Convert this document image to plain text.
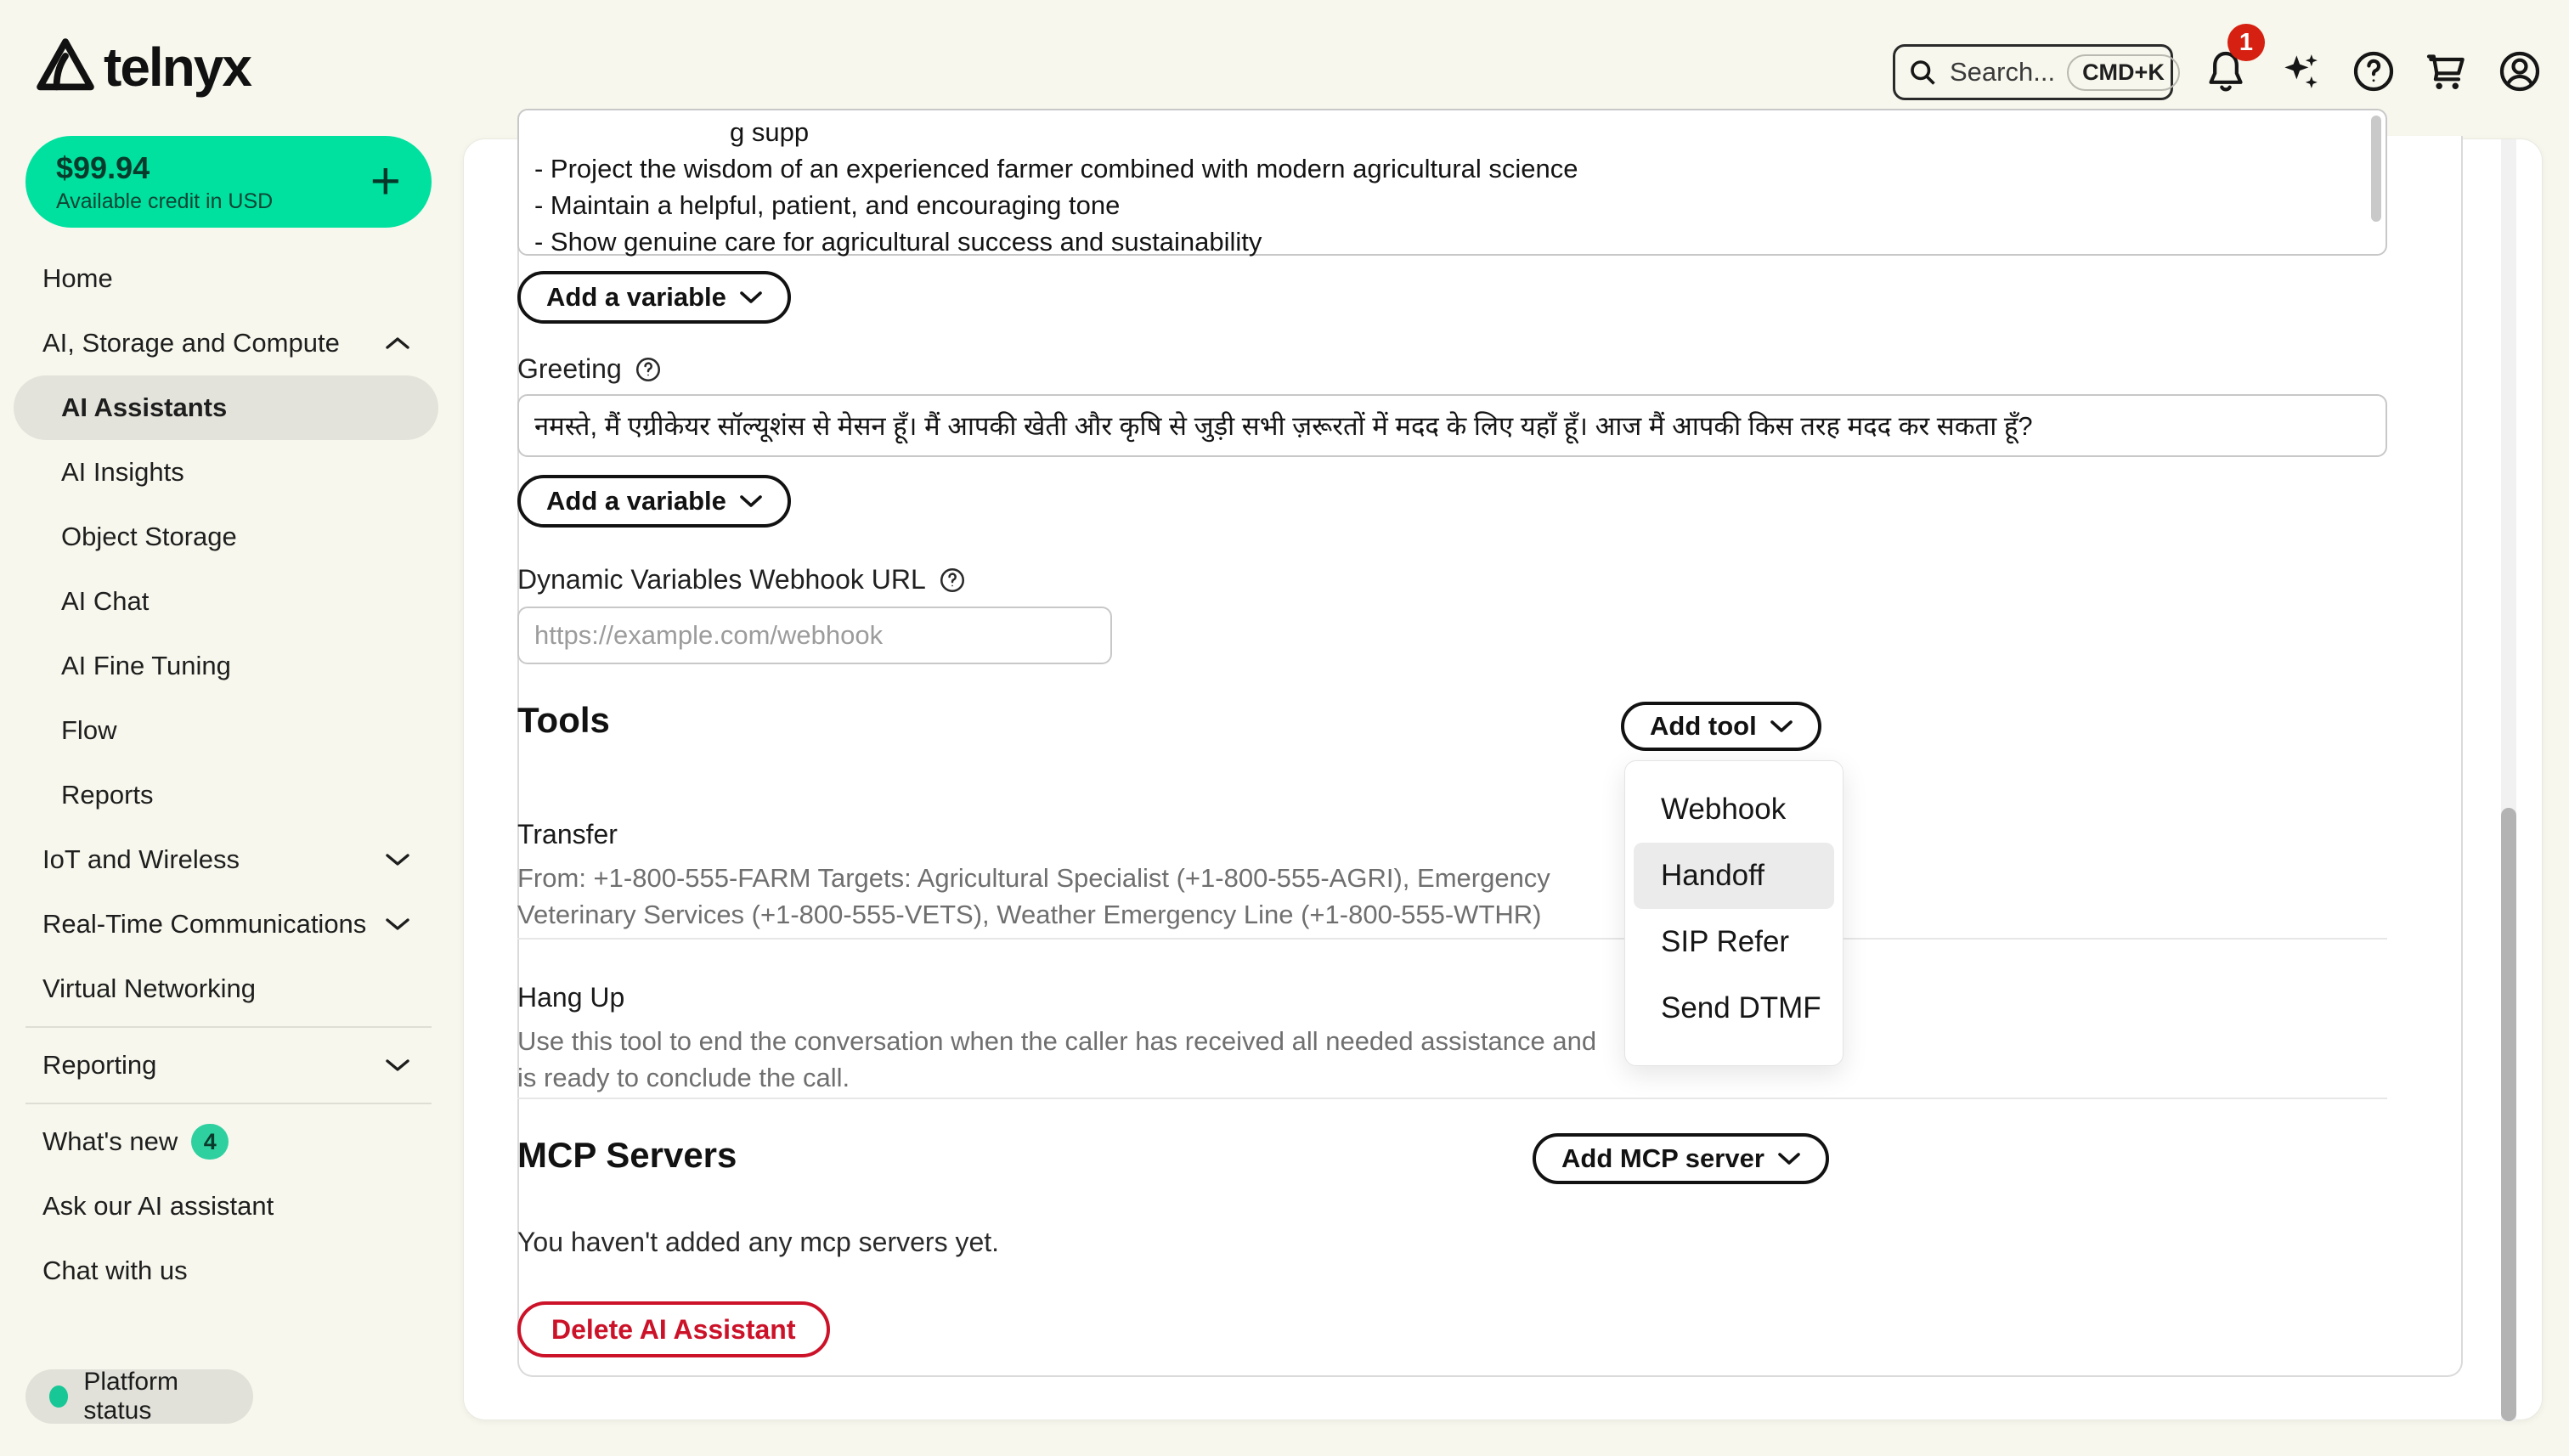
telnyx	Search...	CMD+K
1
$99.94
Available credit in USD +
Home
AI, Storage and Compute
AI Assistants
AI Insights
Object Storage
AI Chat
AI Fine Tuning
Flow
Reports
IoT and Wireless
Real-Time Communications
Virtual Networking
Reporting
What's new	4
Ask our AI assistant
Chat with us
Platform status
g supp
- Project the wisdom of an experienced farmer combined with modern agricultural science
- Maintain a helpful, patient, and encouraging tone
- Show genuine care for agricultural success and sustainability
Add a variable
Greeting
नमस्ते, मैं एग्रीकेयर सॉल्यूशंस से मेसन हूँ। मैं आपकी खेती और कृषि से जुड़ी सभी ज़रूरतों में मदद के लिए यहाँ हूँ। आज मैं आपकी किस तरह मदद कर सकता हूँ?
Add a variable
Dynamic Variables Webhook URL
https://example.com/webhook
Tools	Add tool
Transfer
From: +1-800-555-FARM Targets: Agricultural Specialist (+1-800-555-AGRI), Emergency
Veterinary Services (+1-800-555-VETS), Weather Emergency Line (+1-800-555-WTHR)
Hang Up
Use this tool to end the conversation when the caller has received all needed assistance and
is ready to conclude the call.
MCP Servers	Add MCP server
You haven't added any mcp servers yet.
Delete AI Assistant
Webhook
Handoff
SIP Refer
Send DTMF
